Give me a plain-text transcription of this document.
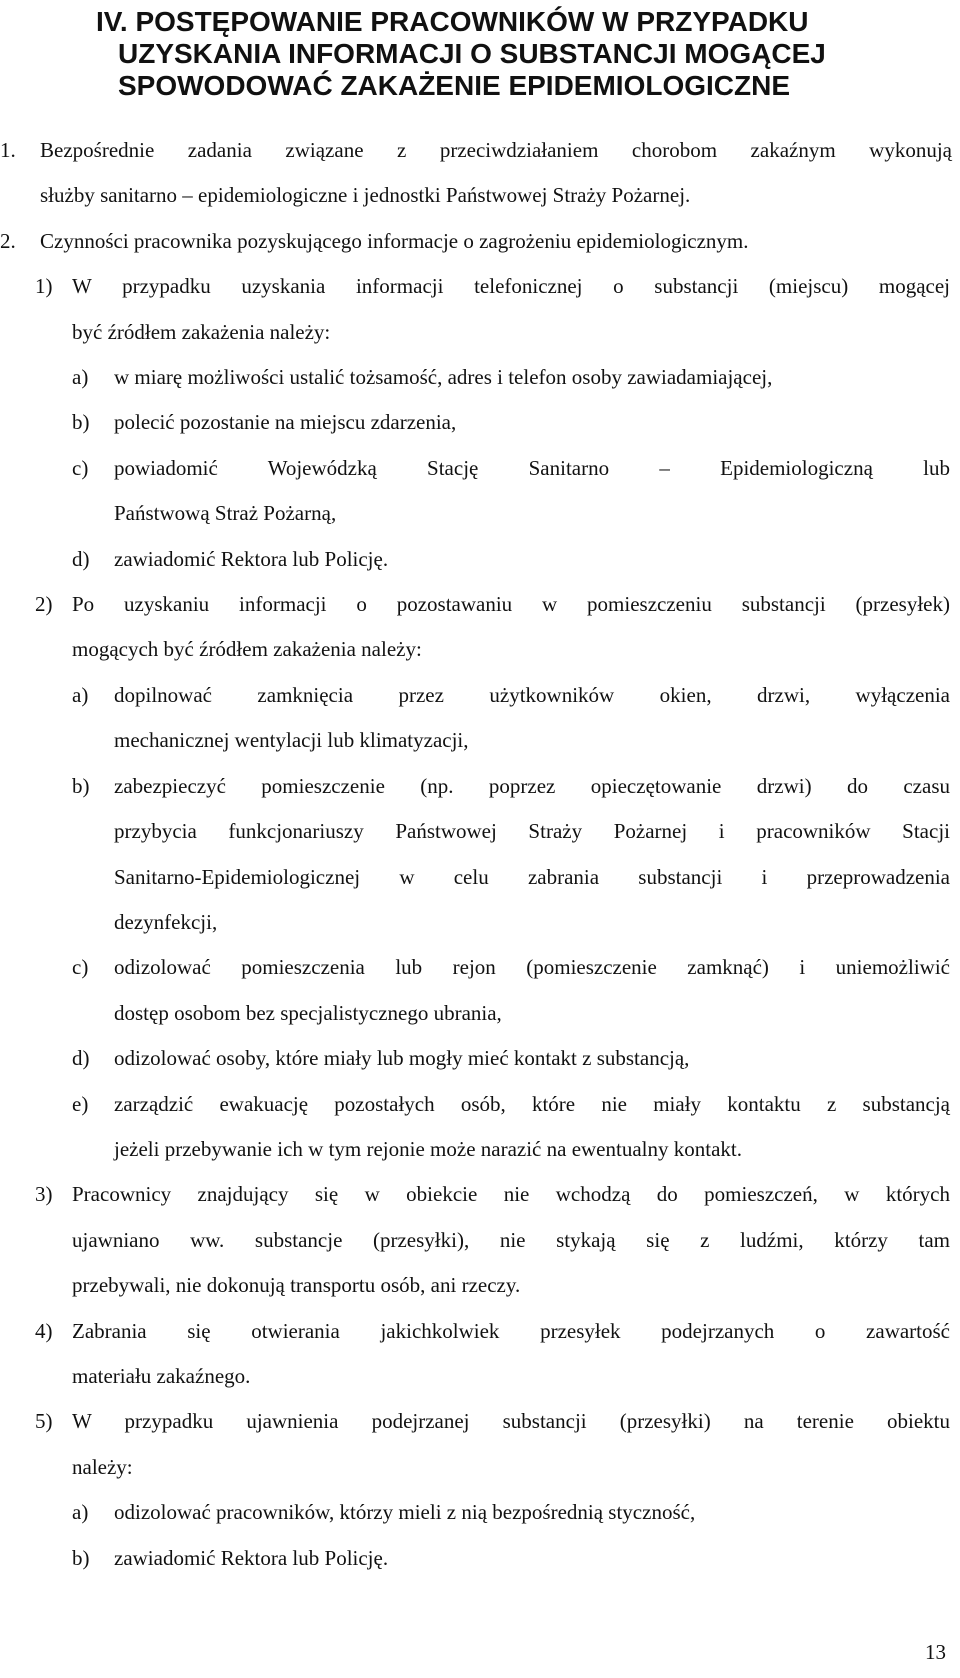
IV. POSTĘPOWANIE PRACOWNIKÓW W PRZYPADKU

UZYSKANIA INFORMACJI O SUBSTANCJI MOGĄCEJ

SPOWODOWAĆ ZAKAŻENIE EPIDEMIOLOGICZNE

1. Bezpośrednie zadania związane z przeciwdziałaniem chorobom zakaźnym wykonują
służby sanitarno – epidemiologiczne i jednostki Państwowej Straży Pożarnej.
2. Czynności pracownika pozyskującego informacje o zagrożeniu epidemiologicznym.
1) W przypadku uzyskania informacji telefonicznej o substancji (miejscu) mogącej
być źródłem zakażenia należy:
a) w miarę możliwości ustalić tożsamość, adres i telefon osoby zawiadamiającej,
b) polecić pozostanie na miejscu zdarzenia,
c) powiadomić Wojewódzką Stację Sanitarno – Epidemiologiczną lub
Państwową Straż Pożarną,
d) zawiadomić Rektora lub Policję.
2) Po uzyskaniu informacji o pozostawaniu w pomieszczeniu substancji (przesyłek)
mogących być źródłem zakażenia należy:
a) dopilnować zamknięcia przez użytkowników okien, drzwi, wyłączenia
mechanicznej wentylacji lub klimatyzacji,
b) zabezpieczyć pomieszczenie (np. poprzez opieczętowanie drzwi) do czasu
przybycia funkcjonariuszy Państwowej Straży Pożarnej i pracowników Stacji
Sanitarno-Epidemiologicznej w celu zabrania substancji i przeprowadzenia
dezynfekcji,
c) odizolować pomieszczenia lub rejon (pomieszczenie zamknąć) i uniemożliwić
dostęp osobom bez specjalistycznego ubrania,
d) odizolować osoby, które miały lub mogły mieć kontakt z substancją,
e) zarządzić ewakuację pozostałych osób, które nie miały kontaktu z substancją
jeżeli przebywanie ich w tym rejonie może narazić na ewentualny kontakt.
3) Pracownicy znajdujący się w obiekcie nie wchodzą do pomieszczeń, w których
ujawniano ww. substancje (przesyłki), nie stykają się z ludźmi, którzy tam
przebywali, nie dokonują transportu osób, ani rzeczy.
4) Zabrania się otwierania jakichkolwiek przesyłek podejrzanych o zawartość
materiału zakaźnego.
5) W przypadku ujawnienia podejrzanej substancji (przesyłki) na terenie obiektu
należy:
a) odizolować pracowników, którzy mieli z nią bezpośrednią styczność,
b) zawiadomić Rektora lub Policję.
13
